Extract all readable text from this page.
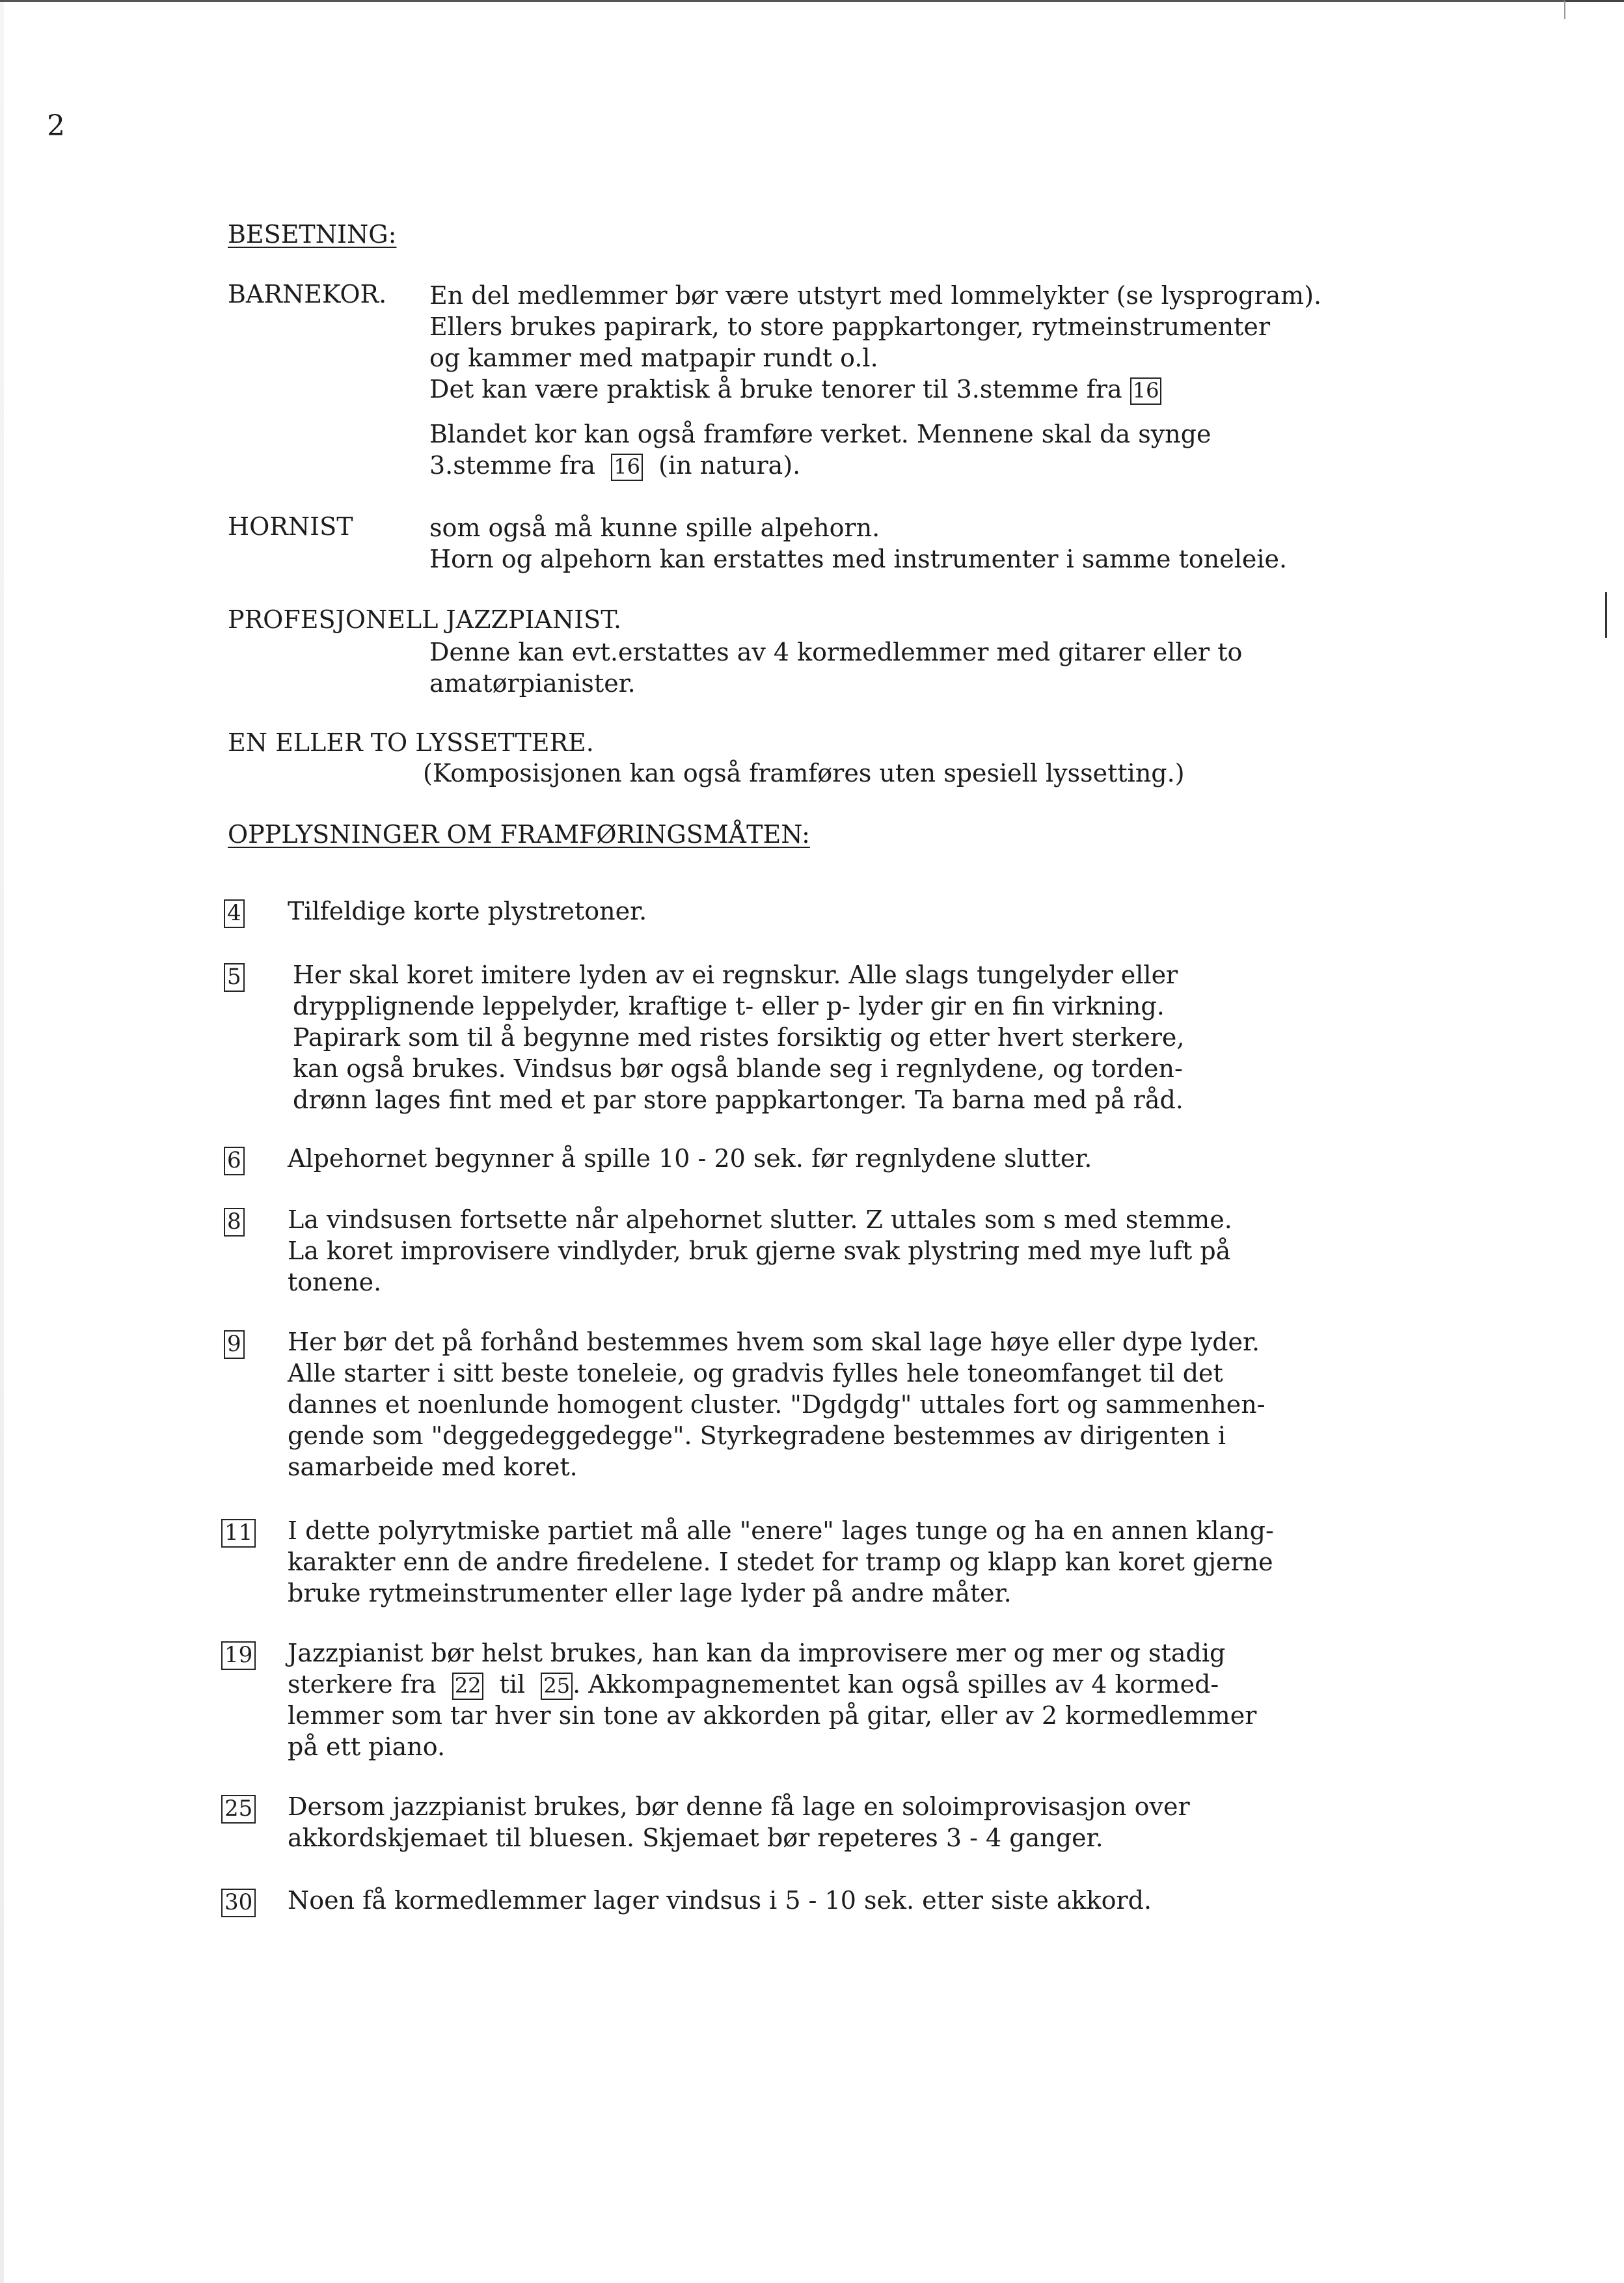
2
BESETNING:
BARNEKOR. En del medlemmer bør være utstyrt med lommelykter (se lysprogram).
Ellers brukes papirark, to store pappkartonger, rytmeinstrumenter
og kammer med matpapir rundt o.l.
Det kan være praktisk å bruke tenorer til 3.stemme fra 16
Blandet kor kan også framføre verket. Mennene skal da synge
3.stemme fra 16 (in natura).
HORNIST	som også må kunne spille alpehorn.
Horn og alpehorn kan erstattes med instrumenter i samme toneleie.
PROFESJONELL JAZZPIANIST.
Denne kan evt.erstattes av 4 kormedlemmer med gitarer eller to
amatørpianister.
EN ELLER TO LYSSETTERE.
(Komposisjonen kan også framføres uten spesiell lyssetting.)
OPPLYSNINGER OM FRAMFØRINGSMÅTEN:
4 Tilfeldige korte plystretoner.
5 Her skal koret imitere lyden av ei regnskur. Alle slags tungelyder eller
drypplignende leppelyder, kraftige t- eller p- lyder gir en fin virkning.
Papirark som til å begynne med ristes forsiktig og etter hvert sterkere,
kan også brukes. Vindsus bør også blande seg i regnlydene, og torden-
drønn lages fint med et par store pappkartonger. Ta barna med på råd.
6 Alpehornet begynner å spille 10 - 20 sek. før regnlydene slutter.
8 La vindsusen fortsette når alpehornet slutter. Z uttales som s med stemme.
La koret improvisere vindlyder, bruk gjerne svak plystring med mye luft på
tonene.
9 Her bør det på forhånd bestemmes hvem som skal lage høye eller dype lyder.
Alle starter i sitt beste toneleie, og gradvis fylles hele toneomfanget til det
dannes et noenlunde homogent cluster. "Dgdgdg" uttales fort og sammenhen-
gende som "deggedeggedegge". Styrkegradene bestemmes av dirigenten i
samarbeide med koret.
11 I dette polyrytmiske partiet må alle "enere" lages tunge og ha en annen klang-
karakter enn de andre firedelene. I stedet for tramp og klapp kan koret gjerne
bruke rytmeinstrumenter eller lage lyder på andre måter.
19 Jazzpianist bør helst brukes, han kan da improvisere mer og mer og stadig
sterkere fra 22 til 25 . Akkompagnementet kan også spilles av 4 kormed-
lemmer som tar hver sin tone av akkorden på gitar, eller av 2 kormedlemmer
på ett piano.
25 Dersom jazzpianist brukes, bør denne få lage en soloimprovisasjon over
akkordskjemaet til bluesen. Skjemaet bør repeteres 3 - 4 ganger.
30 Noen få kormedlemmer lager vindsus i 5 - 10 sek. etter siste akkord.
